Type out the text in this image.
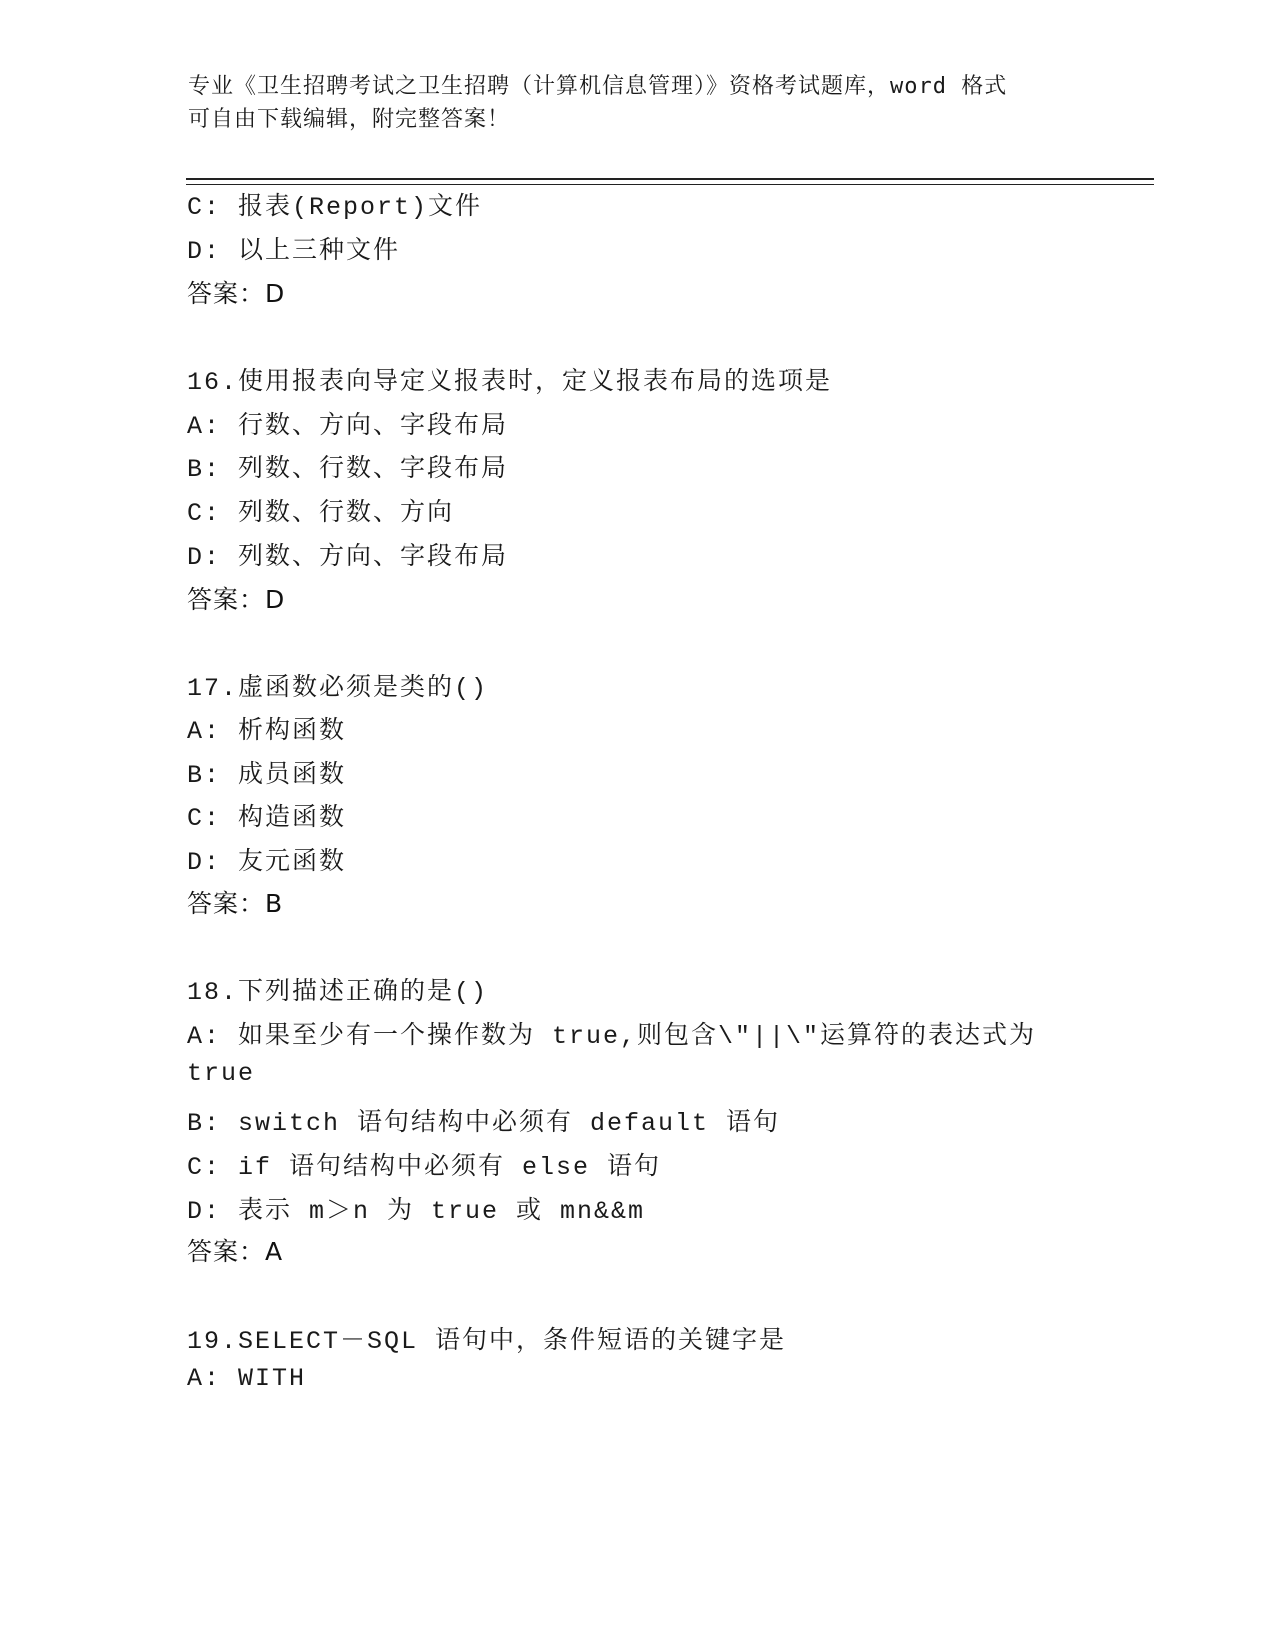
专业《卫生招聘考试之卫生招聘（计算机信息管理）》资格考试题库，word 格式
可自由下载编辑，附完整答案！
C: 报表(Report)文件
D: 以上三种文件
答案：D
16.使用报表向导定义报表时，定义报表布局的选项是
A: 行数、方向、字段布局
B: 列数、行数、字段布局
C: 列数、行数、方向
D: 列数、方向、字段布局
答案：D
17.虚函数必须是类的()
A: 析构函数
B: 成员函数
C: 构造函数
D: 友元函数
答案：B
18.下列描述正确的是()
A: 如果至少有一个操作数为 true,则包含\"||\"运算符的表达式为
true
B: switch 语句结构中必须有 default 语句
C: if 语句结构中必须有 else 语句
D: 表示 m＞n 为 true 或 mn&&m
答案：A
19.SELECT－SQL 语句中，条件短语的关键字是
A: WITH
